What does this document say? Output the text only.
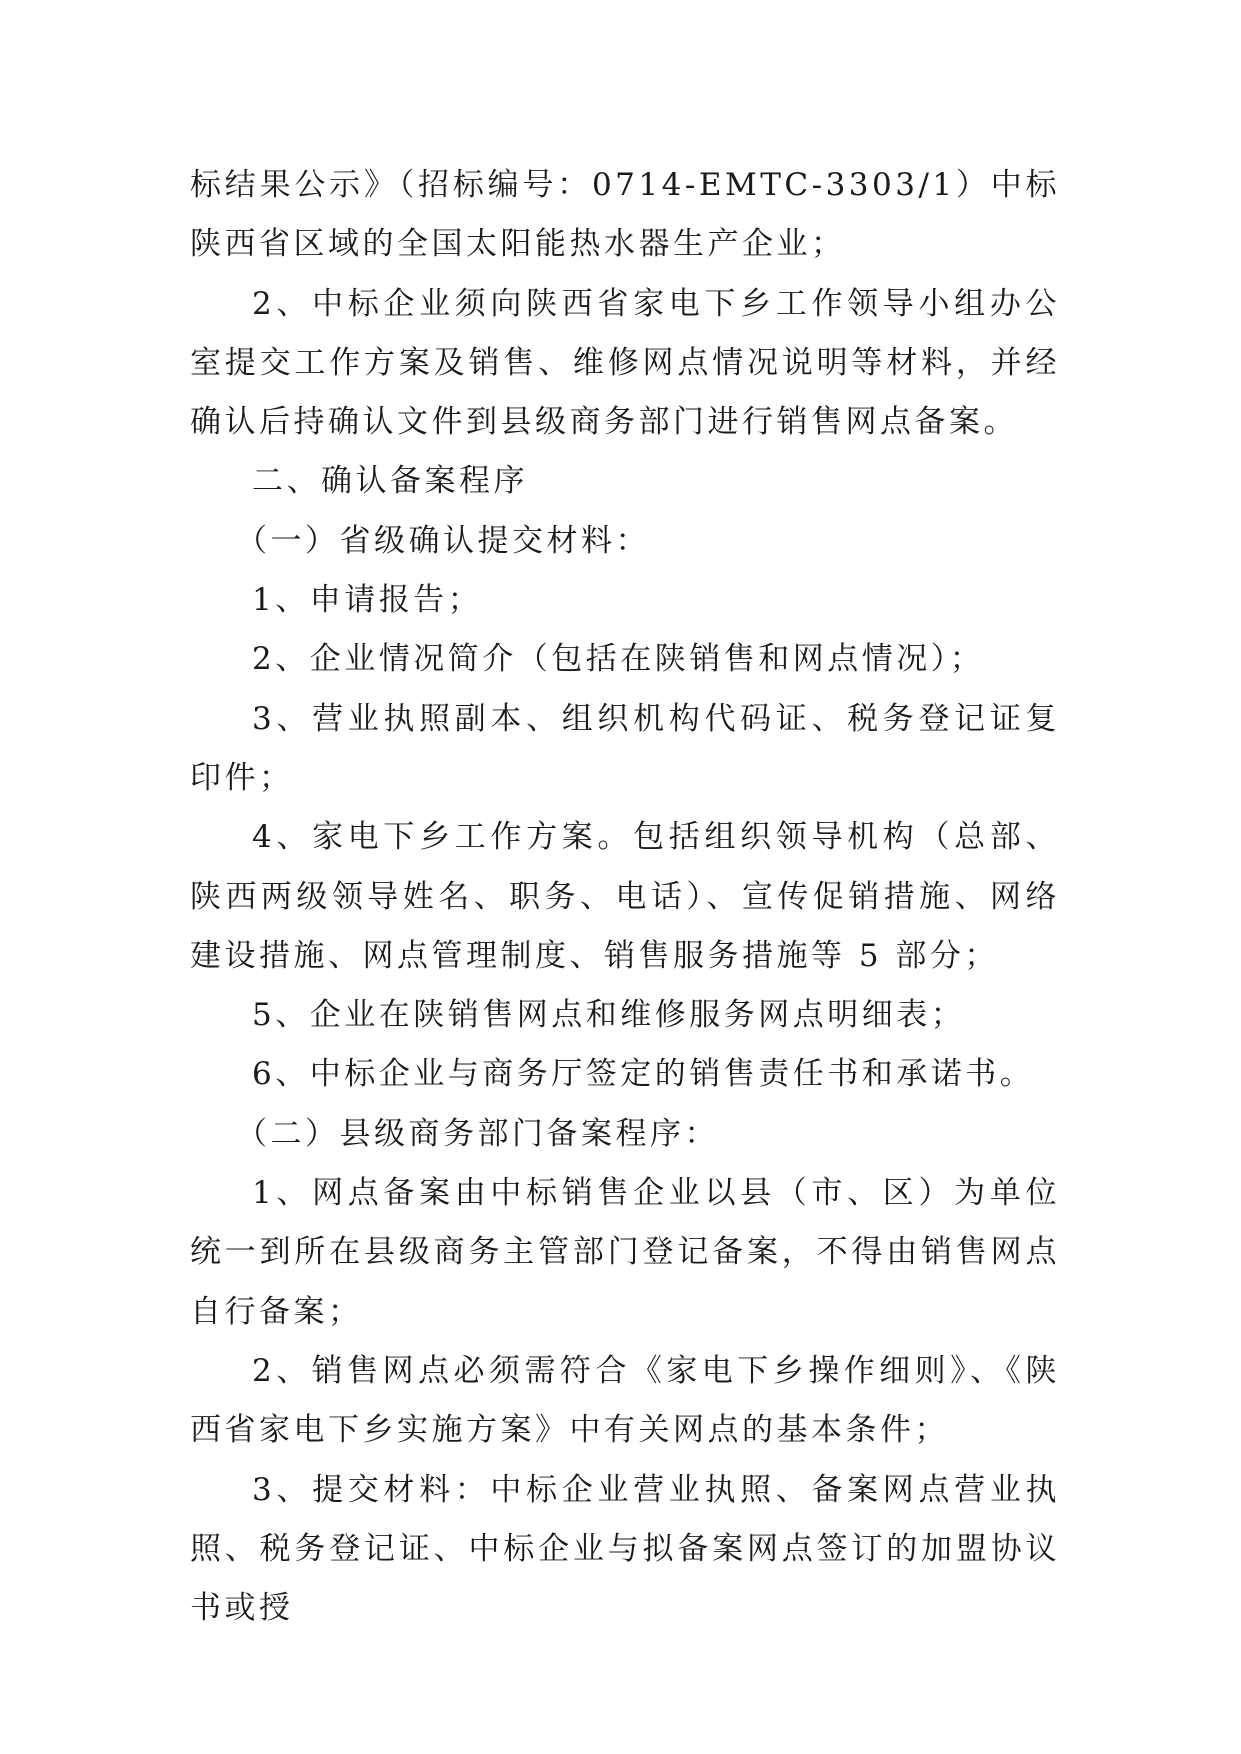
标结果公示》（招标编号：0714-EMTC-3303/1）中标陕西省区域的全国太阳能热水器生产企业；

2、中标企业须向陕西省家电下乡工作领导小组办公室提交工作方案及销售、维修网点情况说明等材料，并经确认后持确认文件到县级商务部门进行销售网点备案。

二、确认备案程序

（一）省级确认提交材料：

1、申请报告；

2、企业情况简介（包括在陕销售和网点情况）；

3、营业执照副本、组织机构代码证、税务登记证复印件；

4、家电下乡工作方案。包括组织领导机构（总部、陕西两级领导姓名、职务、电话）、宣传促销措施、网络建设措施、网点管理制度、销售服务措施等 5 部分；

5、企业在陕销售网点和维修服务网点明细表；

6、中标企业与商务厅签定的销售责任书和承诺书。

（二）县级商务部门备案程序：

1、网点备案由中标销售企业以县（市、区）为单位统一到所在县级商务主管部门登记备案，不得由销售网点自行备案；

2、销售网点必须需符合《家电下乡操作细则》、《陕西省家电下乡实施方案》中有关网点的基本条件；

3、提交材料：中标企业营业执照、备案网点营业执照、税务登记证、中标企业与拟备案网点签订的加盟协议书或授
